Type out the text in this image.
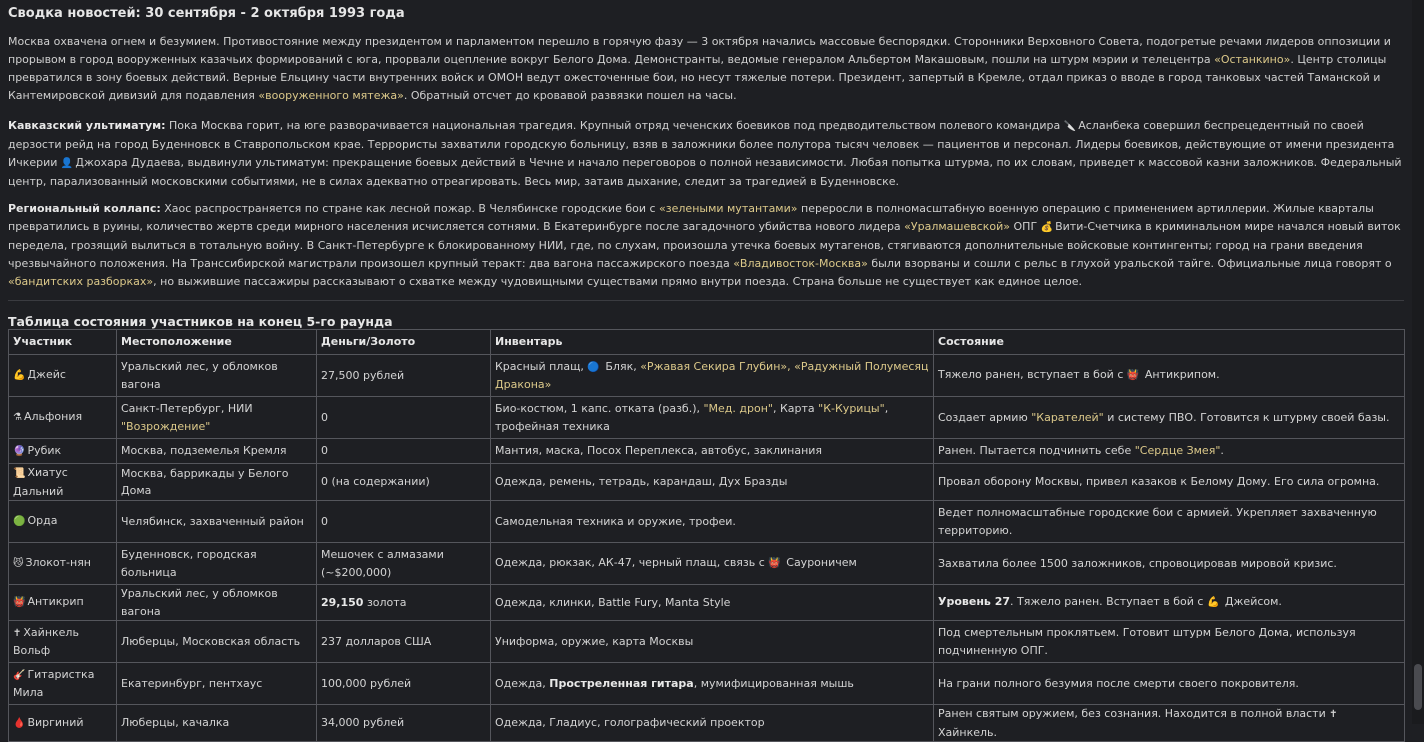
Сводка новостей: 30 сентября - 2 октября 1993 года

Москва охвачена огнем и безумием. Противостояние между президентом и парламентом перешло в горячую фазу — 3 октября начались массовые беспорядки. Сторонники Верховного Совета, подогретые речами лидеров оппозиции и прорывом в город вооруженных казачьих формирований с юга, прорвали оцепление вокруг Белого Дома. Демонстранты, ведомые генералом Альбертом Макашовым, пошли на штурм мэрии и телецентра «Останкино». Центр столицы превратился в зону боевых действий. Верные Ельцину части внутренних войск и ОМОН ведут ожесточенные бои, но несут тяжелые потери. Президент, запертый в Кремле, отдал приказ о вводе в город танковых частей Таманской и Кантемировской дивизий для подавления «вооруженного мятежа». Обратный отсчет до кровавой развязки пошел на часы.

Кавказский ультиматум: Пока Москва горит, на юге разворачивается национальная трагедия. Крупный отряд чеченских боевиков под предводительством полевого командира 🔪 Асланбека совершил беспрецедентный по своей дерзости рейд на город Буденновск в Ставропольском крае. Террористы захватили городскую больницу, взяв в заложники более полутора тысяч человек — пациентов и персонал. Лидеры боевиков, действующие от имени президента Ичкерии 👤 Джохара Дудаева, выдвинули ультиматум: прекращение боевых действий в Чечне и начало переговоров о полной независимости. Любая попытка штурма, по их словам, приведет к массовой казни заложников. Федеральный центр, парализованный московскими событиями, не в силах адекватно отреагировать. Весь мир, затаив дыхание, следит за трагедией в Буденновске.

Региональный коллапс: Хаос распространяется по стране как лесной пожар. В Челябинске городские бои с «зелеными мутантами» переросли в полномасштабную военную операцию с применением артиллерии. Жилые кварталы превратились в руины, количество жертв среди мирного населения исчисляется сотнями. В Екатеринбурге после загадочного убийства нового лидера «Уралмашевской» ОПГ 💰 Вити-Счетчика в криминальном мире начался новый виток передела, грозящий вылиться в тотальную войну. В Санкт-Петербурге к блокированному НИИ, где, по слухам, произошла утечка боевых мутагенов, стягиваются дополнительные войсковые контингенты; город на грани введения чрезвычайного положения. На Транссибирской магистрали произошел крупный теракт: два вагона пассажирского поезда «Владивосток-Москва» были взорваны и сошли с рельс в глухой уральской тайге. Официальные лица говорят о «бандитских разборках», но выжившие пассажиры рассказывают о схватке между чудовищными существами прямо внутри поезда. Страна больше не существует как единое целое.

Таблица состояния участников на конец 5-го раунда
Участник	Местоположение	Деньги/Золото	Инвентарь	Состояние
💪 Джейс	Уральский лес, у обломков вагона	27,500 рублей	Красный плащ, 🔵 Бляк, «Ржавая Секира Глубин», «Радужный Полумесяц Дракона»	Тяжело ранен, вступает в бой с 👹 Антикрипом.
⚗ Альфония	Санкт-Петербург, НИИ "Возрождение"	0	Био-костюм, 1 капс. отката (разб.), "Мед. дрон", Карта "К-Курицы", трофейная техника	Создает армию "Карателей" и систему ПВО. Готовится к штурму своей базы.
🔮 Рубик	Москва, подземелья Кремля	0	Мантия, маска, Посох Переплекса, автобус, заклинания	Ранен. Пытается подчинить себе "Сердце Змея".
📜 Хиатус Дальний	Москва, баррикады у Белого Дома	0 (на содержании)	Одежда, ремень, тетрадь, карандаш, Дух Бразды	Провал оборону Москвы, привел казаков к Белому Дому. Его сила огромна.
🟢 Орда	Челябинск, захваченный район	0	Самодельная техника и оружие, трофеи.	Ведет полномасштабные городские бои с армией. Укрепляет захваченную территорию.
😼 Злокот-нян	Буденновск, городская больница	Мешочек с алмазами (~$200,000)	Одежда, рюкзак, АК-47, черный плащ, связь с 👹 Сауроничем	Захватила более 1500 заложников, спровоцировав мировой кризис.
👹 Антикрип	Уральский лес, у обломков вагона	29,150 золота	Одежда, клинки, Battle Fury, Manta Style	Уровень 27. Тяжело ранен. Вступает в бой с 💪 Джейсом.
✝ Хайнкель Вольф	Люберцы, Московская область	237 долларов США	Униформа, оружие, карта Москвы	Под смертельным проклятьем. Готовит штурм Белого Дома, используя подчиненную ОПГ.
🎸 Гитаристка Мила	Екатеринбург, пентхаус	100,000 рублей	Одежда, Простреленная гитара, мумифицированная мышь	На грани полного безумия после смерти своего покровителя.
🩸 Виргиний	Люберцы, качалка	34,000 рублей	Одежда, Гладиус, голографический проектор	Ранен святым оружием, без сознания. Находится в полной власти ✝ Хайнкель.
